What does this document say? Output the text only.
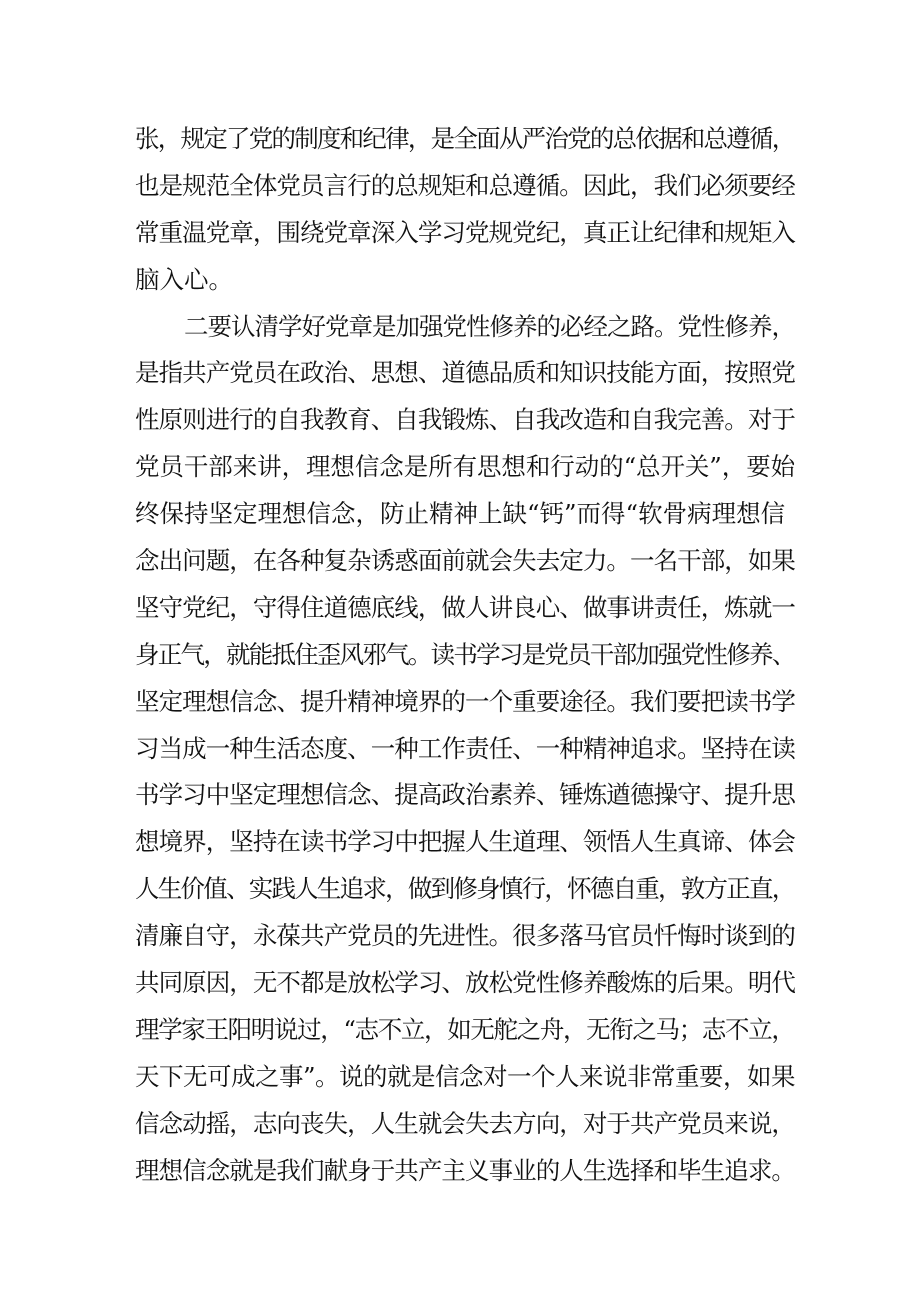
张，规定了党的制度和纪律，是全面从严治党的总依据和总遵循，
也是规范全体党员言行的总规矩和总遵循。因此，我们必须要经
常重温党章，围绕党章深入学习党规党纪，真正让纪律和规矩入
脑入心。
二要认清学好党章是加强党性修养的必经之路。党性修养，
是指共产党员在政治、思想、道德品质和知识技能方面，按照党
性原则进行的自我教育、自我锻炼、自我改造和自我完善。对于
党员干部来讲，理想信念是所有思想和行动的“总开关”，要始
终保持坚定理想信念，防止精神上缺“钙”而得“软骨病理想信
念出问题，在各种复杂诱惑面前就会失去定力。一名干部，如果
坚守党纪，守得住道德底线，做人讲良心、做事讲责任，炼就一
身正气，就能抵住歪风邪气。读书学习是党员干部加强党性修养、
坚定理想信念、提升精神境界的一个重要途径。我们要把读书学
习当成一种生活态度、一种工作责任、一种精神追求。坚持在读
书学习中坚定理想信念、提高政治素养、锤炼遒德操守、提升思
想境界，坚持在读书学习中把握人生道理、领悟人生真谛、体会
人生价值、实践人生追求，做到修身慎行，怀德自重，敦方正直，
清廉自守，永葆共产党员的先进性。很多落马官员忏悔时谈到的
共同原因，无不都是放松学习、放松党性修养酸炼的后果。明代
理学家王阳明说过，“志不立，如无舵之舟，无衔之马；志不立，
天下无可成之事”。说的就是信念对一个人来说非常重要，如果
信念动摇，志向丧失，人生就会失去方向，对于共产党员来说，
理想信念就是我们献身于共产主义事业的人生选择和毕生追求。
